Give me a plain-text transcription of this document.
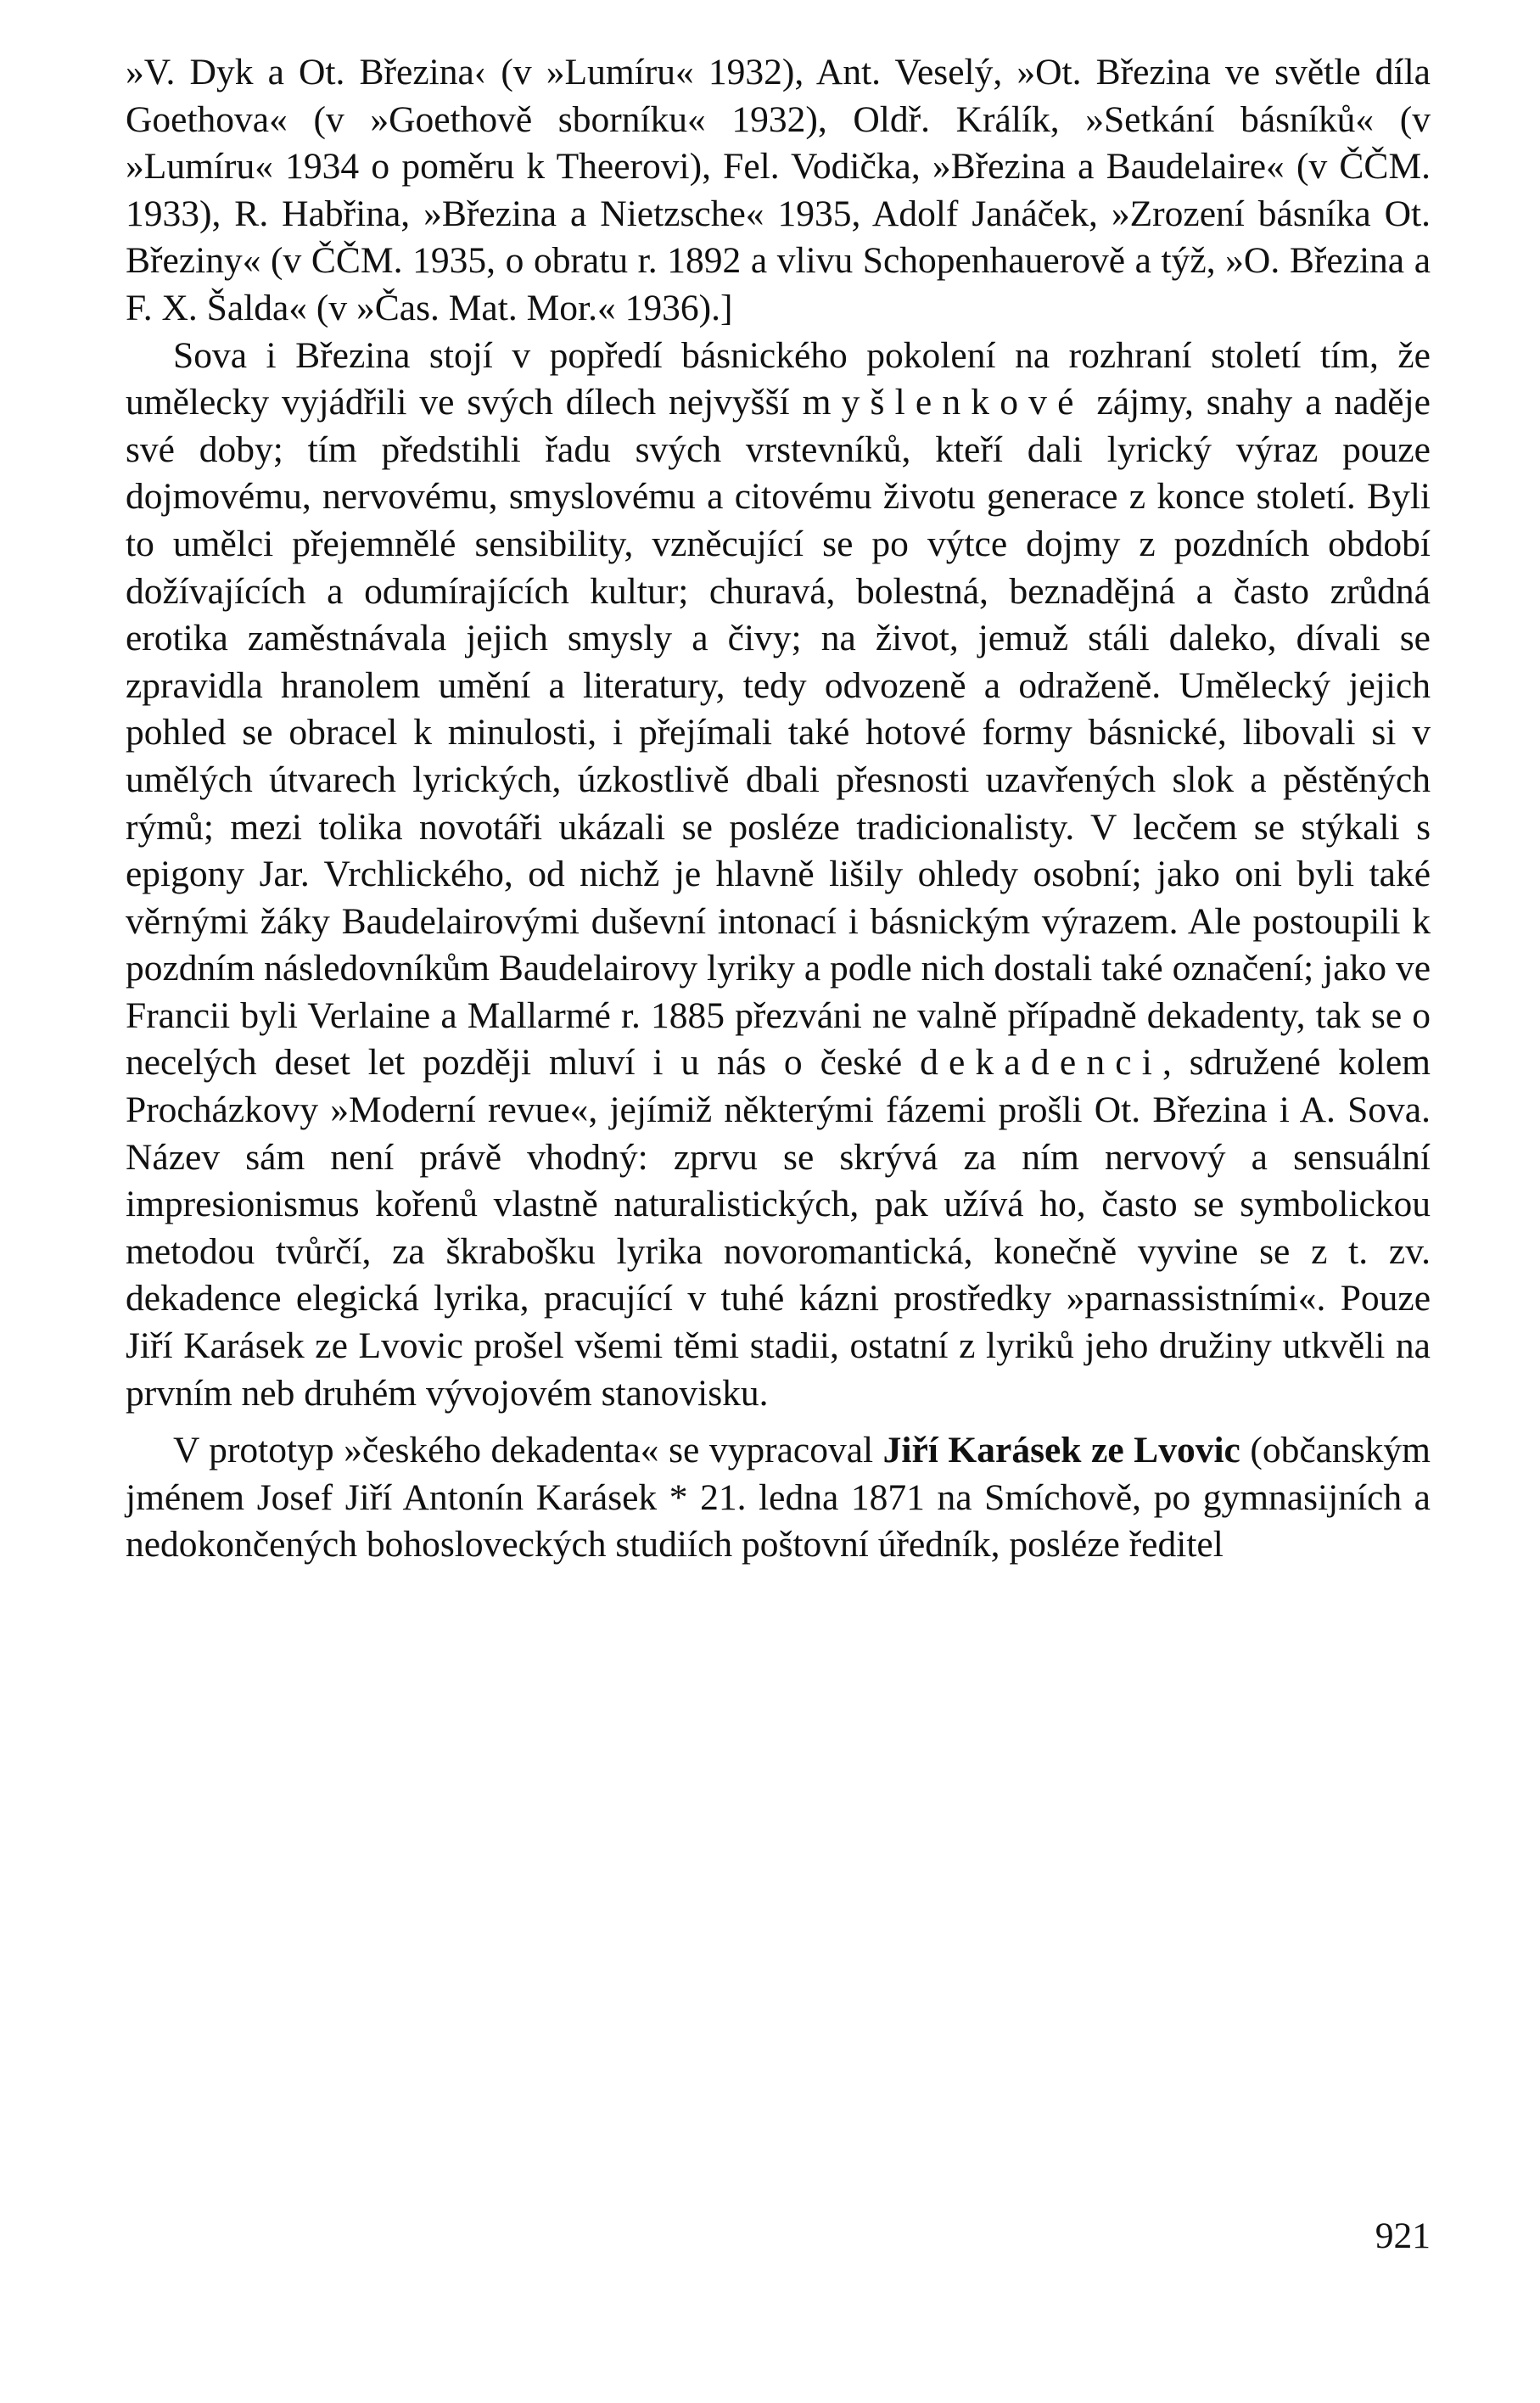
»V. Dyk a Ot. Březina‹ (v »Lumíru« 1932), Ant. Veselý, »Ot. Březina ve světle díla Goethova« (v »Goethově sborníku« 1932), Oldř. Králík, »Setkání básníků« (v »Lumíru« 1934 o poměru k Theerovi), Fel. Vodička, »Březina a Baudelaire« (v ČČM. 1933), R. Habřina, »Březina a Nietzsche« 1935, Adolf Janáček, »Zrození básníka Ot. Březiny« (v ČČM. 1935, o obratu r. 1892 a vlivu Schopenhauerově a týž, »O. Březina a F. X. Šalda« (v »Čas. Mat. Mor.« 1936).]

Sova i Březina stojí v popředí básnického pokolení na rozhraní století tím, že umělecky vyjádřili ve svých dílech nejvyšší myšlenkové zájmy, snahy a naděje své doby; tím předstihli řadu svých vrstevníků, kteří dali lyrický výraz pouze dojmovému, nervovému, smyslovému a citovému životu generace z konce století. Byli to umělci přejemnělé sensibility, vzněcující se po výtce dojmy z pozdních období dožívajících a odumírajících kultur; churavá, bolestná, beznadějná a často zrůdná erotika zaměstnávala jejich smysly a čivy; na život, jemuž stáli daleko, dívali se zpravidla hranolem umění a literatury, tedy odvozeně a odraženě. Umělecký jejich pohled se obracel k minulosti, i přejímali také hotové formy básnické, libovali si v umělých útvarech lyrických, úzkostlivě dbali přesnosti uzavřených slok a pěstěných rýmů; mezi tolika novotáři ukázali se posléze tradicionalisty. V lecčem se stýkali s epigony Jar. Vrchlického, od nichž je hlavně lišily ohledy osobní; jako oni byli také věrnými žáky Baudelairovými duševní intonací i básnickým výrazem. Ale postoupili k pozdním následovníkům Baudelairovy lyriky a podle nich dostali také označení; jako ve Francii byli Verlaine a Mallarmé r. 1885 přezváni ne valně případně dekadenty, tak se o necelých deset let později mluví i u nás o české dekadenci, sdružené kolem Procházkovy »Moderní revue«, jejímiž některými fázemi prošli Ot. Březina i A. Sova. Název sám není právě vhodný: zprvu se skrývá za ním nervový a sensuální impresionismus kořenů vlastně naturalistických, pak užívá ho, často se symbolickou metodou tvůrčí, za škrabošku lyrika novoromantická, konečně vyvine se z t. zv. dekadence elegická lyrika, pracující v tuhé kázni prostředky »parnassistními«. Pouze Jiří Karásek ze Lvovic prošel všemi těmi stadii, ostatní z lyriků jeho družiny utkvěli na prvním neb druhém vývojovém stanovisku.

V prototyp »českého dekadenta« se vypracoval Jiří Karásek ze Lvovic (občanským jménem Josef Jiří Antonín Karásek * 21. ledna 1871 na Smíchově, po gymnasijních a nedokončených bohosloveckých studiích poštovní úředník, posléze ředitel

921
